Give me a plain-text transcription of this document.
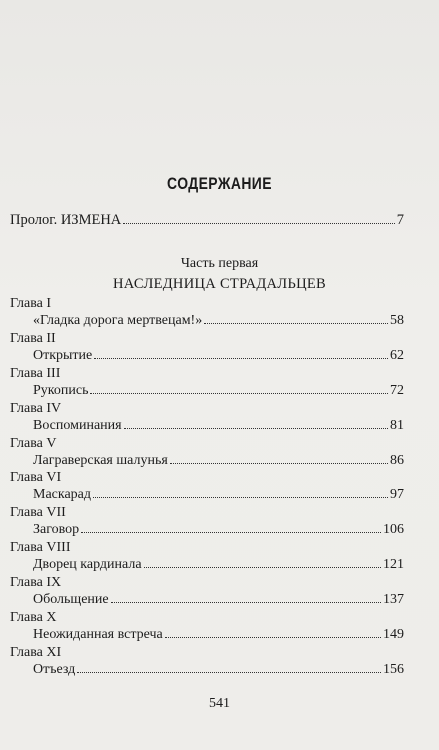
СОДЕРЖАНИЕ
Пролог. ИЗМЕНА	7
Часть первая
НАСЛЕДНИЦА СТРАДАЛЬЦЕВ
Глава I
«Гладка дорога мертвецам!»	58
Глава II
Открытие	62
Глава III
Рукопись	72
Глава IV
Воспоминания	81
Глава V
Лаграверская шалунья	86
Глава VI
Маскарад	97
Глава VII
Заговор	106
Глава VIII
Дворец кардинала	121
Глава IX
Обольщение	137
Глава X
Неожиданная встреча	149
Глава XI
Отъезд	156
541
